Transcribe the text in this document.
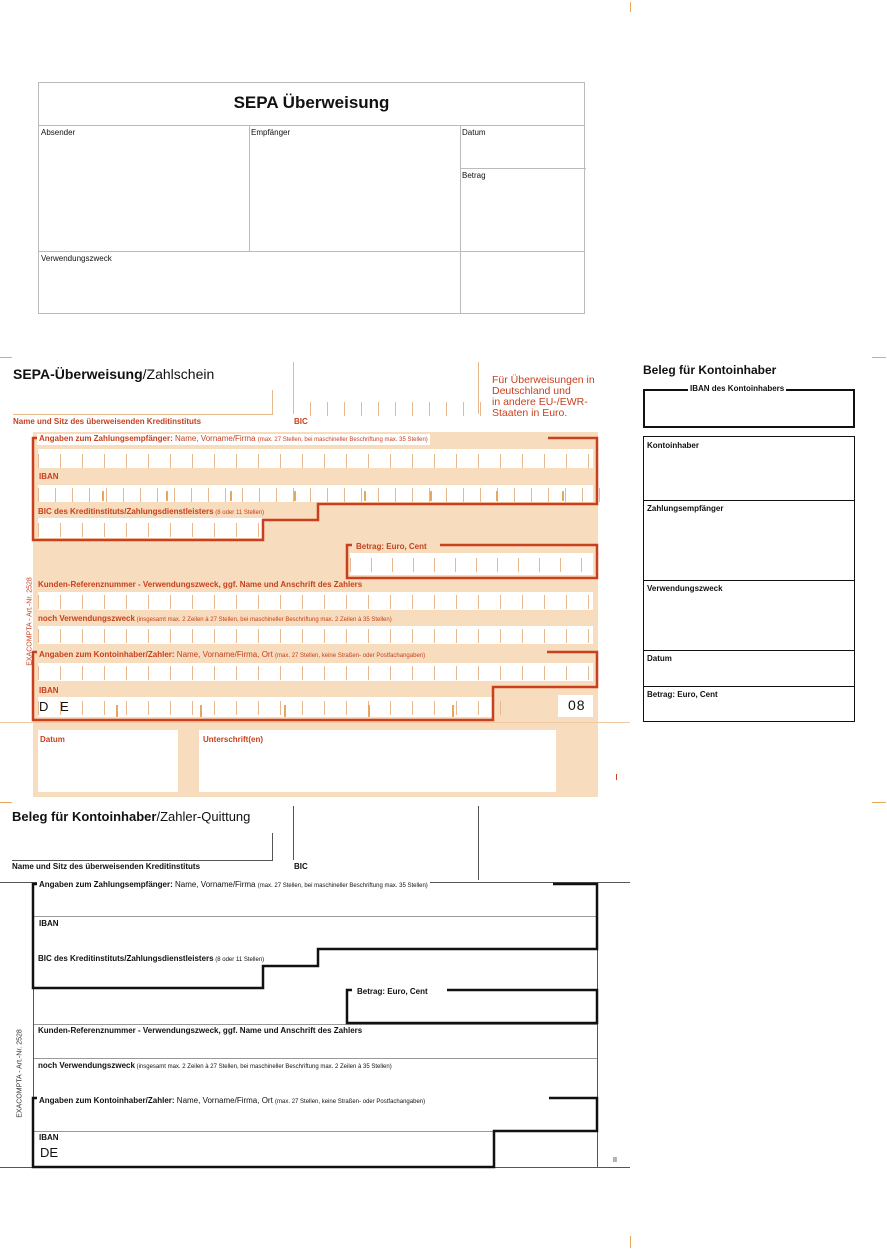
SEPA Überweisung
Absender	Empfänger	Datum
Betrag
Verwendungszweck
SEPA-Überweisung/Zahlschein
Name und Sitz des überweisenden Kreditinstituts	BIC
Für Überweisungen in
Deutschland und
in andere EU-/EWR-
Staaten in Euro.
Angaben zum Zahlungsempfänger: Name, Vorname/Firma (max. 27 Stellen, bei maschineller Beschriftung max. 35 Stellen)
IBAN
BIC des Kreditinstituts/Zahlungsdienstleisters (8 oder 11 Stellen)
Betrag: Euro, Cent
Kunden-Referenznummer - Verwendungszweck, ggf. Name und Anschrift des Zahlers
noch Verwendungszweck (insgesamt max. 2 Zeilen à 27 Stellen, bei maschineller Beschriftung max. 2 Zeilen à 35 Stellen)
Angaben zum Kontoinhaber/Zahler: Name, Vorname/Firma, Ort (max. 27 Stellen, keine Straßen- oder Postfachangaben)
IBAN
D E	08
Datum	Unterschrift(en)
EXACOMPTA - Art.-Nr. 2528
Beleg für Kontoinhaber
IBAN des Kontoinhabers
Kontoinhaber
Zahlungsempfänger
Verwendungszweck
Datum
Betrag: Euro, Cent
Beleg für Kontoinhaber/Zahler-Quittung
Name und Sitz des überweisenden Kreditinstituts	BIC
Angaben zum Zahlungsempfänger: Name, Vorname/Firma (max. 27 Stellen, bei maschineller Beschriftung max. 35 Stellen)
IBAN
BIC des Kreditinstituts/Zahlungsdienstleisters (8 oder 11 Stellen)
Betrag: Euro, Cent
Kunden-Referenznummer - Verwendungszweck, ggf. Name und Anschrift des Zahlers
noch Verwendungszweck (insgesamt max. 2 Zeilen à 27 Stellen, bei maschineller Beschriftung max. 2 Zeilen à 35 Stellen)
Angaben zum Kontoinhaber/Zahler: Name, Vorname/Firma, Ort (max. 27 Stellen, keine Straßen- oder Postfachangaben)
IBAN
DE
II
EXACOMPTA - Art.-Nr. 2528
